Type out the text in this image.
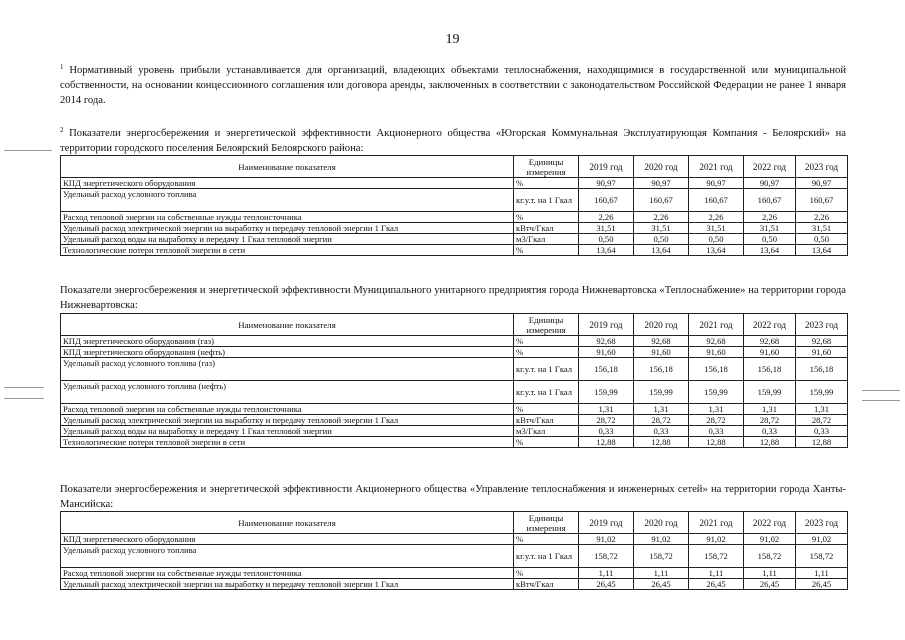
19
$^1$ Нормативный уровень прибыли устанавливается для организаций, владеющих объектами теплоснабжения, находящимися в государственной или муниципальной собственности, на основании концессионного соглашения или договора аренды, заключенных в соответствии с законодательством Российской Федерации не ранее 1 января 2014 года.
$^2$ Показатели энергосбережения и энергетической эффективности Акционерного общества «Югорская Коммунальная Эксплуатирующая Компания - Белоярский» на территории городского поселения Белоярский Белоярского района:
Наименование показателя	Единицы измерения	2019 год	2020 год	2021 год	2022 год	2023 год
КПД энергетического оборудования	%	90,97	90,97	90,97	90,97	90,97
Удельный расход условного топлива	кг.у.т. на 1 Гкал	160,67	160,67	160,67	160,67	160,67
Расход тепловой энергии на собственные нужды теплоисточника	%	2,26	2,26	2,26	2,26	2,26
Удельный расход электрической энергии на выработку и передачу тепловой энергии 1 Гкал	кВтч/Гкал	31,51	31,51	31,51	31,51	31,51
Удельный расход воды на выработку и передачу 1 Гкал тепловой энергии	м3/Гкал	0,50	0,50	0,50	0,50	0,50
Технологические потери тепловой энергии в сети	%	13,64	13,64	13,64	13,64	13,64
Показатели энергосбережения и энергетической эффективности Муниципального унитарного предприятия города Нижневартовска «Теплоснабжение» на территории города Нижневартовска:
Наименование показателя	Единицы измерения	2019 год	2020 год	2021 год	2022 год	2023 год
КПД энергетического оборудования (газ)	%	92,68	92,68	92,68	92,68	92,68
КПД энергетического оборудования (нефть)	%	91,60	91,60	91,60	91,60	91,60
Удельный расход условного топлива (газ)	кг.у.т. на 1 Гкал	156,18	156,18	156,18	156,18	156,18
Удельный расход условного топлива (нефть)	кг.у.т. на 1 Гкал	159,99	159,99	159,99	159,99	159,99
Расход тепловой энергии на собственные нужды теплоисточника	%	1,31	1,31	1,31	1,31	1,31
Удельный расход электрической энергии на выработку и передачу тепловой энергии 1 Гкал	кВтч/Гкал	28,72	28,72	28,72	28,72	28,72
Удельный расход воды на выработку и передачу 1 Гкал тепловой энергии	м3/Гкал	0,33	0,33	0,33	0,33	0,33
Технологические потери тепловой энергии в сети	%	12,88	12,88	12,88	12,88	12,88
Показатели энергосбережения и энергетической эффективности Акционерного общества «Управление теплоснабжения и инженерных сетей» на территории города Ханты-Мансийска:
Наименование показателя	Единицы измерения	2019 год	2020 год	2021 год	2022 год	2023 год
КПД энергетического оборудования	%	91,02	91,02	91,02	91,02	91,02
Удельный расход условного топлива	кг.у.т. на 1 Гкал	158,72	158,72	158,72	158,72	158,72
Расход тепловой энергии на собственные нужды теплоисточника	%	1,11	1,11	1,11	1,11	1,11
Удельный расход электрической энергии на выработку и передачу тепловой энергии 1 Гкал	кВтч/Гкал	26,45	26,45	26,45	26,45	26,45
